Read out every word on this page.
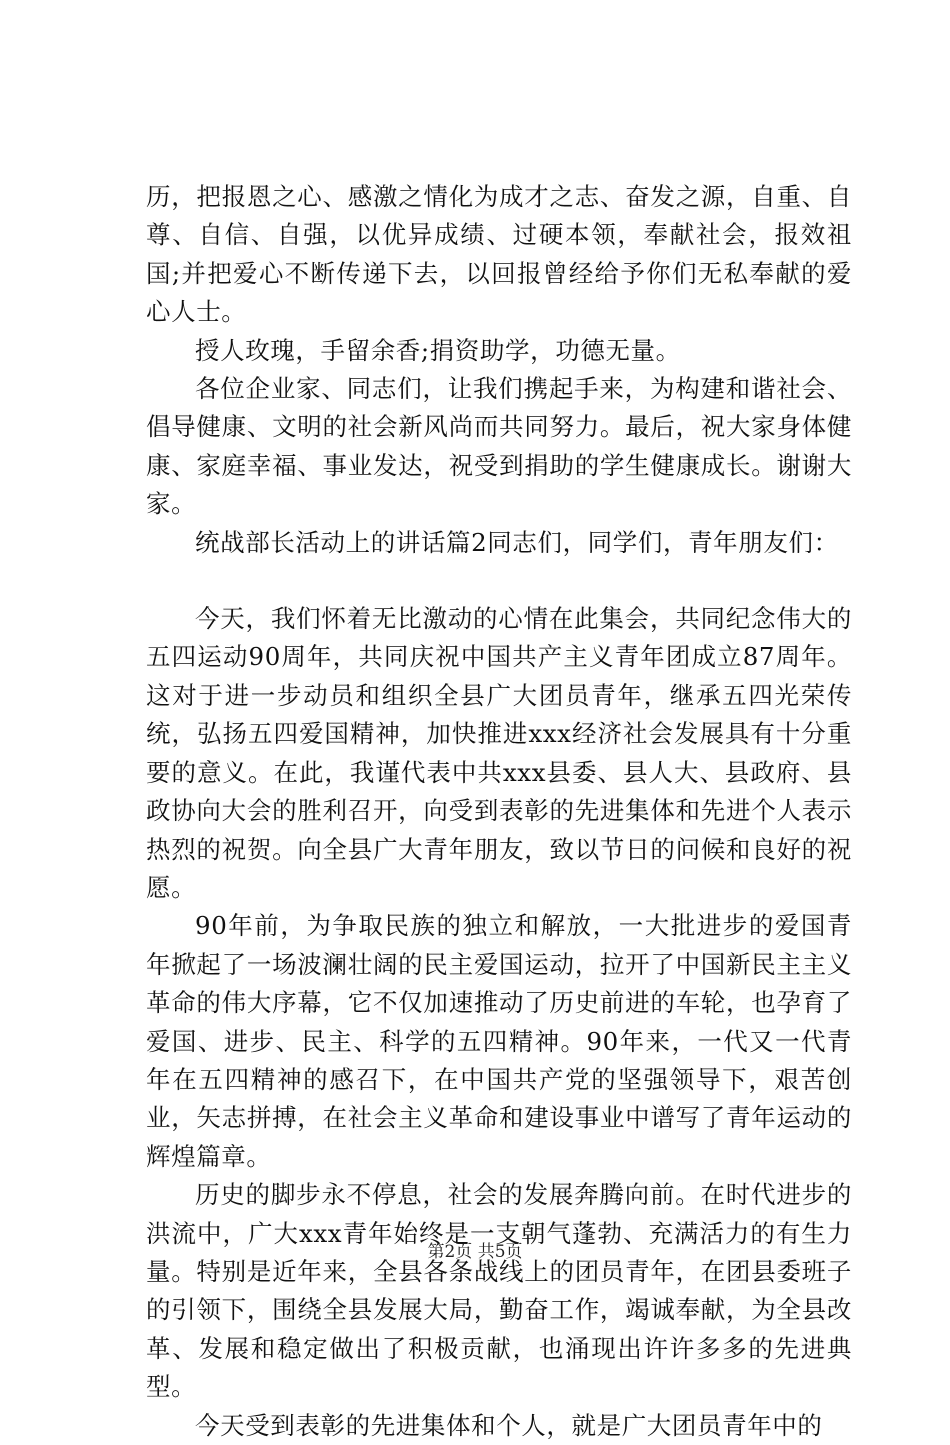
历，把报恩之心、感激之情化为成才之志、奋发之源，自重、自尊、自信、自强，以优异成绩、过硬本领，奉献社会，报效祖国;并把爱心不断传递下去，以回报曾经给予你们无私奉献的爱心人士。

授人玫瑰，手留余香;捐资助学，功德无量。

各位企业家、同志们，让我们携起手来，为构建和谐社会、倡导健康、文明的社会新风尚而共同努力。最后，祝大家身体健康、家庭幸福、事业发达，祝受到捐助的学生健康成长。谢谢大家。

统战部长活动上的讲话篇2同志们，同学们，青年朋友们：

今天，我们怀着无比激动的心情在此集会，共同纪念伟大的五四运动90周年，共同庆祝中国共产主义青年团成立87周年。这对于进一步动员和组织全县广大团员青年，继承五四光荣传统，弘扬五四爱国精神，加快推进xxx经济社会发展具有十分重要的意义。在此，我谨代表中共xxx县委、县人大、县政府、县政协向大会的胜利召开，向受到表彰的先进集体和先进个人表示热烈的祝贺。向全县广大青年朋友，致以节日的问候和良好的祝愿。

90年前，为争取民族的独立和解放，一大批进步的爱国青年掀起了一场波澜壮阔的民主爱国运动，拉开了中国新民主主义革命的伟大序幕，它不仅加速推动了历史前进的车轮，也孕育了爱国、进步、民主、科学的五四精神。90年来，一代又一代青年在五四精神的感召下，在中国共产党的坚强领导下，艰苦创业，矢志拼搏，在社会主义革命和建设事业中谱写了青年运动的辉煌篇章。

历史的脚步永不停息，社会的发展奔腾向前。在时代进步的洪流中，广大xxx青年始终是一支朝气蓬勃、充满活力的有生力量。特别是近年来，全县各条战线上的团员青年，在团县委班子的引领下，围绕全县发展大局，勤奋工作，竭诚奉献，为全县改革、发展和稳定做出了积极贡献，也涌现出许许多多的先进典型。

今天受到表彰的先进集体和个人，就是广大团员青年中的

第2页 共5页
